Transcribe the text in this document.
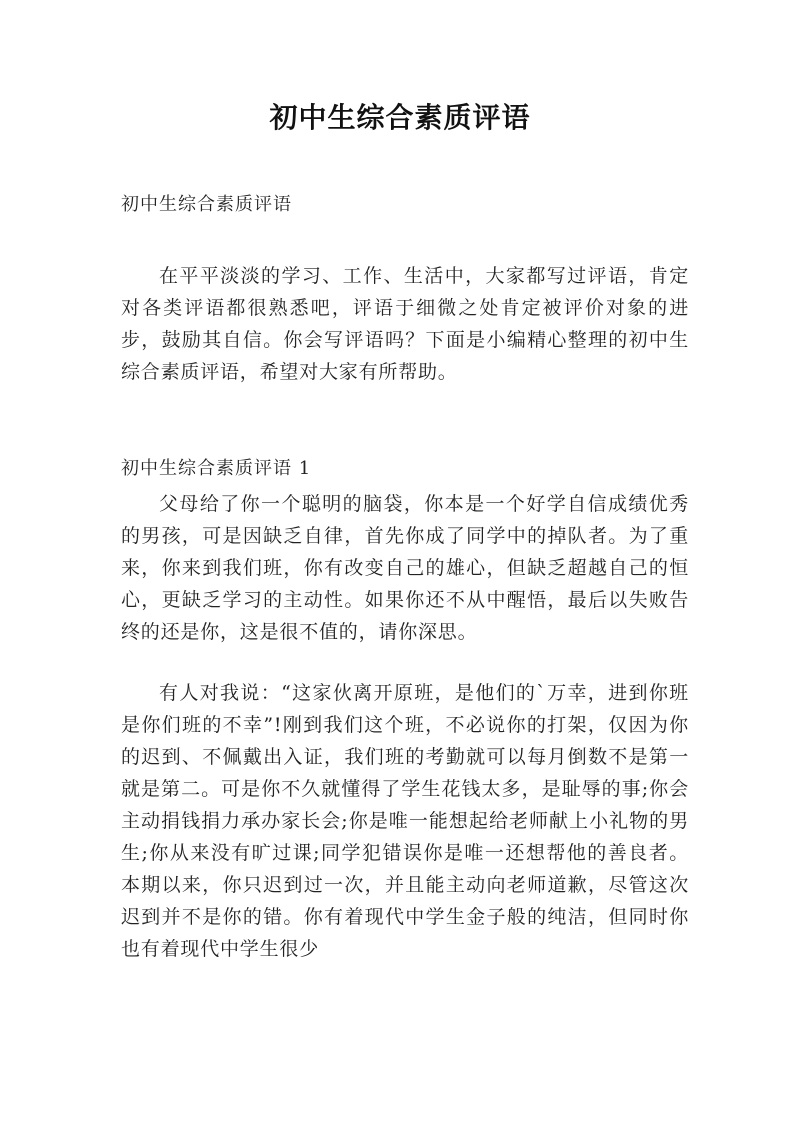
初中生综合素质评语
初中生综合素质评语

在平平淡淡的学习、工作、生活中，大家都写过评语，肯定对各类评语都很熟悉吧，评语于细微之处肯定被评价对象的进步，鼓励其自信。你会写评语吗？下面是小编精心整理的初中生综合素质评语，希望对大家有所帮助。

初中生综合素质评语 1

父母给了你一个聪明的脑袋，你本是一个好学自信成绩优秀的男孩，可是因缺乏自律，首先你成了同学中的掉队者。为了重来，你来到我们班，你有改变自己的雄心，但缺乏超越自己的恒心，更缺乏学习的主动性。如果你还不从中醒悟，最后以失败告终的还是你，这是很不值的，请你深思。

有人对我说：“这家伙离开原班，是他们的`万幸，进到你班是你们班的不幸”!刚到我们这个班，不必说你的打架，仅因为你的迟到、不佩戴出入证，我们班的考勤就可以每月倒数不是第一就是第二。可是你不久就懂得了学生花钱太多，是耻辱的事;你会主动捐钱捐力承办家长会;你是唯一能想起给老师献上小礼物的男生;你从来没有旷过课;同学犯错误你是唯一还想帮他的善良者。本期以来，你只迟到过一次，并且能主动向老师道歉，尽管这次迟到并不是你的错。你有着现代中学生金子般的纯洁，但同时你也有着现代中学生很少
